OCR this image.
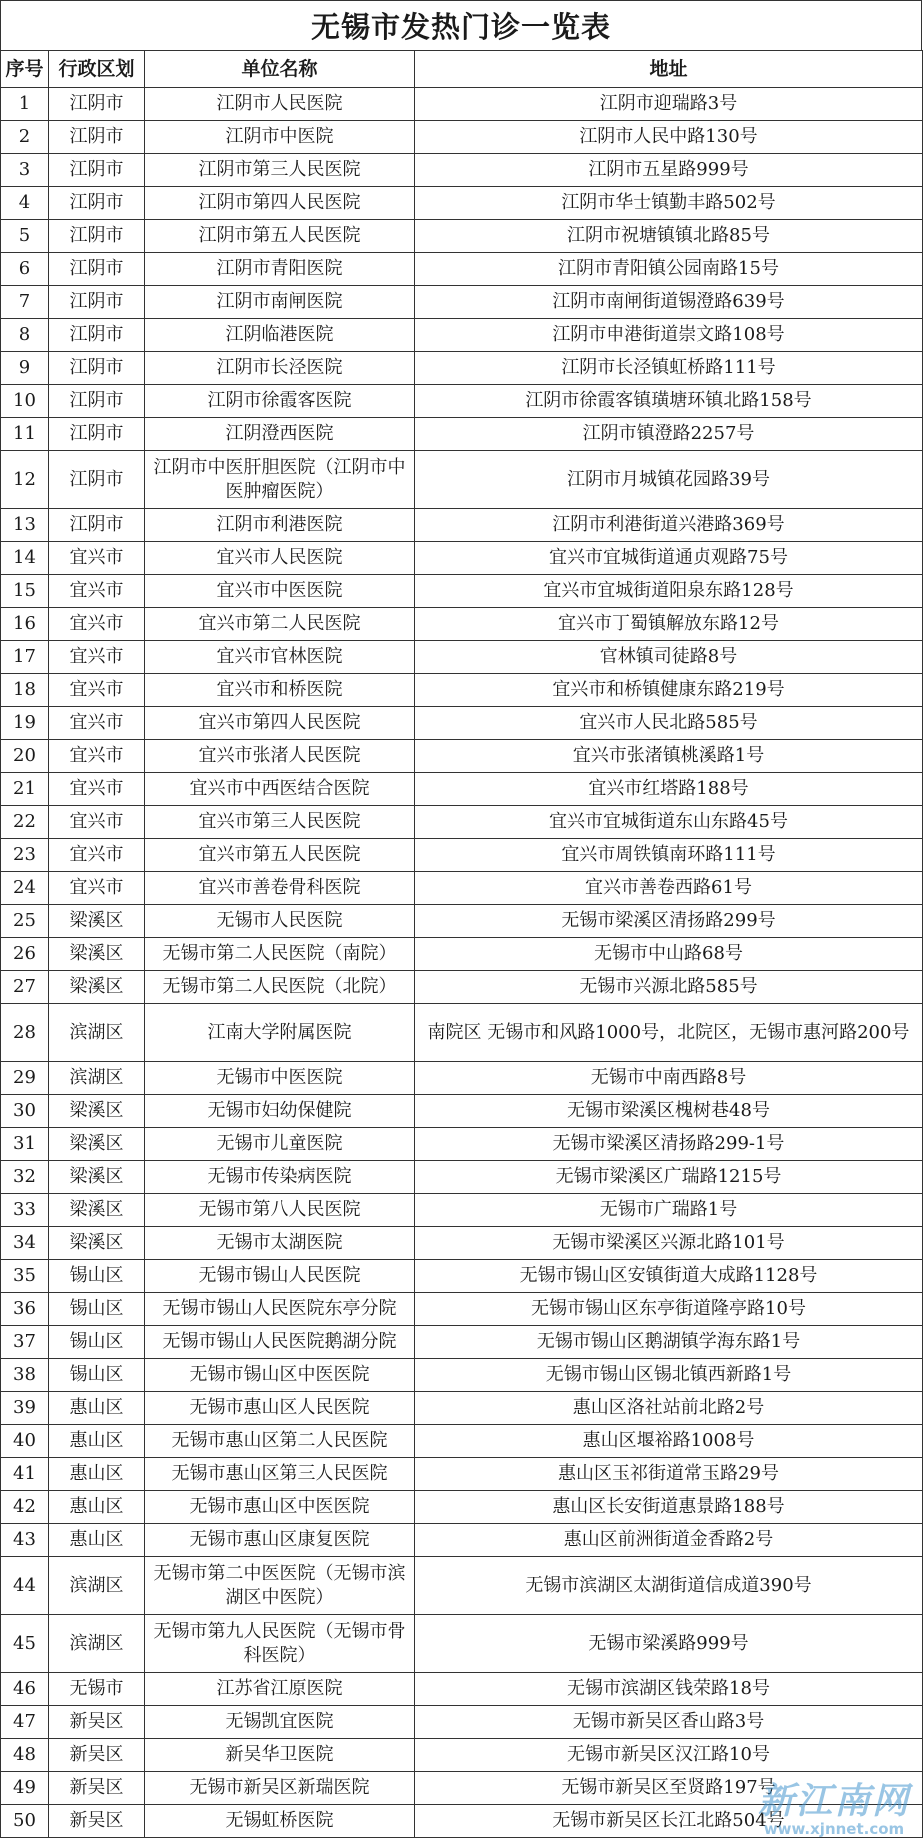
无锡市发热门诊一览表
序号	行政区划	单位名称	地址
1	江阴市	江阴市人民医院	江阴市迎瑞路3号
2	江阴市	江阴市中医院	江阴市人民中路130号
3	江阴市	江阴市第三人民医院	江阴市五星路999号
4	江阴市	江阴市第四人民医院	江阴市华士镇勤丰路502号
5	江阴市	江阴市第五人民医院	江阴市祝塘镇镇北路85号
6	江阴市	江阴市青阳医院	江阴市青阳镇公园南路15号
7	江阴市	江阴市南闸医院	江阴市南闸街道锡澄路639号
8	江阴市	江阴临港医院	江阴市申港街道崇文路108号
9	江阴市	江阴市长泾医院	江阴市长泾镇虹桥路111号
10	江阴市	江阴市徐霞客医院	江阴市徐霞客镇璜塘环镇北路158号
11	江阴市	江阴澄西医院	江阴市镇澄路2257号
12	江阴市	江阴市中医肝胆医院（江阴市中医肿瘤医院）	江阴市月城镇花园路39号
13	江阴市	江阴市利港医院	江阴市利港街道兴港路369号
14	宜兴市	宜兴市人民医院	宜兴市宜城街道通贞观路75号
15	宜兴市	宜兴市中医医院	宜兴市宜城街道阳泉东路128号
16	宜兴市	宜兴市第二人民医院	宜兴市丁蜀镇解放东路12号
17	宜兴市	宜兴市官林医院	官林镇司徒路8号
18	宜兴市	宜兴市和桥医院	宜兴市和桥镇健康东路219号
19	宜兴市	宜兴市第四人民医院	宜兴市人民北路585号
20	宜兴市	宜兴市张渚人民医院	宜兴市张渚镇桃溪路1号
21	宜兴市	宜兴市中西医结合医院	宜兴市红塔路188号
22	宜兴市	宜兴市第三人民医院	宜兴市宜城街道东山东路45号
23	宜兴市	宜兴市第五人民医院	宜兴市周铁镇南环路111号
24	宜兴市	宜兴市善卷骨科医院	宜兴市善卷西路61号
25	梁溪区	无锡市人民医院	无锡市梁溪区清扬路299号
26	梁溪区	无锡市第二人民医院（南院）	无锡市中山路68号
27	梁溪区	无锡市第二人民医院（北院）	无锡市兴源北路585号
28	滨湖区	江南大学附属医院	南院区 无锡市和风路1000号，北院区，无锡市惠河路200号
29	滨湖区	无锡市中医医院	无锡市中南西路8号
30	梁溪区	无锡市妇幼保健院	无锡市梁溪区槐树巷48号
31	梁溪区	无锡市儿童医院	无锡市梁溪区清扬路299-1号
32	梁溪区	无锡市传染病医院	无锡市梁溪区广瑞路1215号
33	梁溪区	无锡市第八人民医院	无锡市广瑞路1号
34	梁溪区	无锡市太湖医院	无锡市梁溪区兴源北路101号
35	锡山区	无锡市锡山人民医院	无锡市锡山区安镇街道大成路1128号
36	锡山区	无锡市锡山人民医院东亭分院	无锡市锡山区东亭街道隆亭路10号
37	锡山区	无锡市锡山人民医院鹅湖分院	无锡市锡山区鹅湖镇学海东路1号
38	锡山区	无锡市锡山区中医医院	无锡市锡山区锡北镇西新路1号
39	惠山区	无锡市惠山区人民医院	惠山区洛社站前北路2号
40	惠山区	无锡市惠山区第二人民医院	惠山区堰裕路1008号
41	惠山区	无锡市惠山区第三人民医院	惠山区玉祁街道常玉路29号
42	惠山区	无锡市惠山区中医医院	惠山区长安街道惠景路188号
43	惠山区	无锡市惠山区康复医院	惠山区前洲街道金香路2号
44	滨湖区	无锡市第二中医医院（无锡市滨湖区中医院）	无锡市滨湖区太湖街道信成道390号
45	滨湖区	无锡市第九人民医院（无锡市骨科医院）	无锡市梁溪路999号
46	无锡市	江苏省江原医院	无锡市滨湖区钱荣路18号
47	新吴区	无锡凯宜医院	无锡市新吴区香山路3号
48	新吴区	新吴华卫医院	无锡市新吴区汉江路10号
49	新吴区	无锡市新吴区新瑞医院	无锡市新吴区至贤路197号
50	新吴区	无锡虹桥医院	无锡市新吴区长江北路504号
新江南网
www.xjnnet.com
